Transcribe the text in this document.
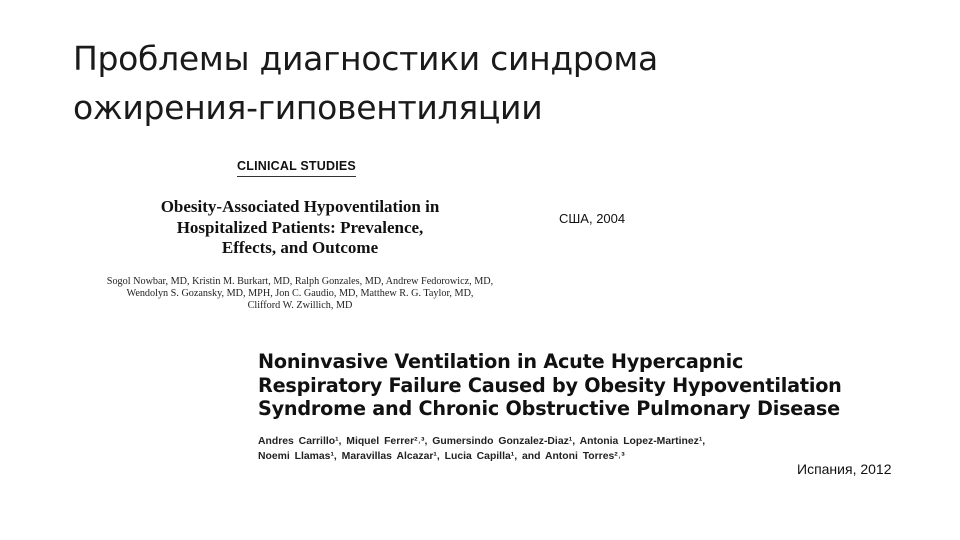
Проблемы диагностики синдрома
ожирения-гиповентиляции
CLINICAL STUDIES
Obesity-Associated Hypoventilation in
Hospitalized Patients: Prevalence,
Effects, and Outcome

Sogol Nowbar, MD, Kristin M. Burkart, MD, Ralph Gonzales, MD, Andrew Fedorowicz, MD,
Wendolyn S. Gozansky, MD, MPH, Jon C. Gaudio, MD, Matthew R. G. Taylor, MD,
Clifford W. Zwillich, MD

США, 2004

Noninvasive Ventilation in Acute Hypercapnic
Respiratory Failure Caused by Obesity Hypoventilation
Syndrome and Chronic Obstructive Pulmonary Disease

Andres Carrillo¹, Miquel Ferrer²˒³, Gumersindo Gonzalez-Diaz¹, Antonia Lopez-Martinez¹,
Noemi Llamas¹, Maravillas Alcazar¹, Lucia Capilla¹, and Antoni Torres²˒³

Испания, 2012
